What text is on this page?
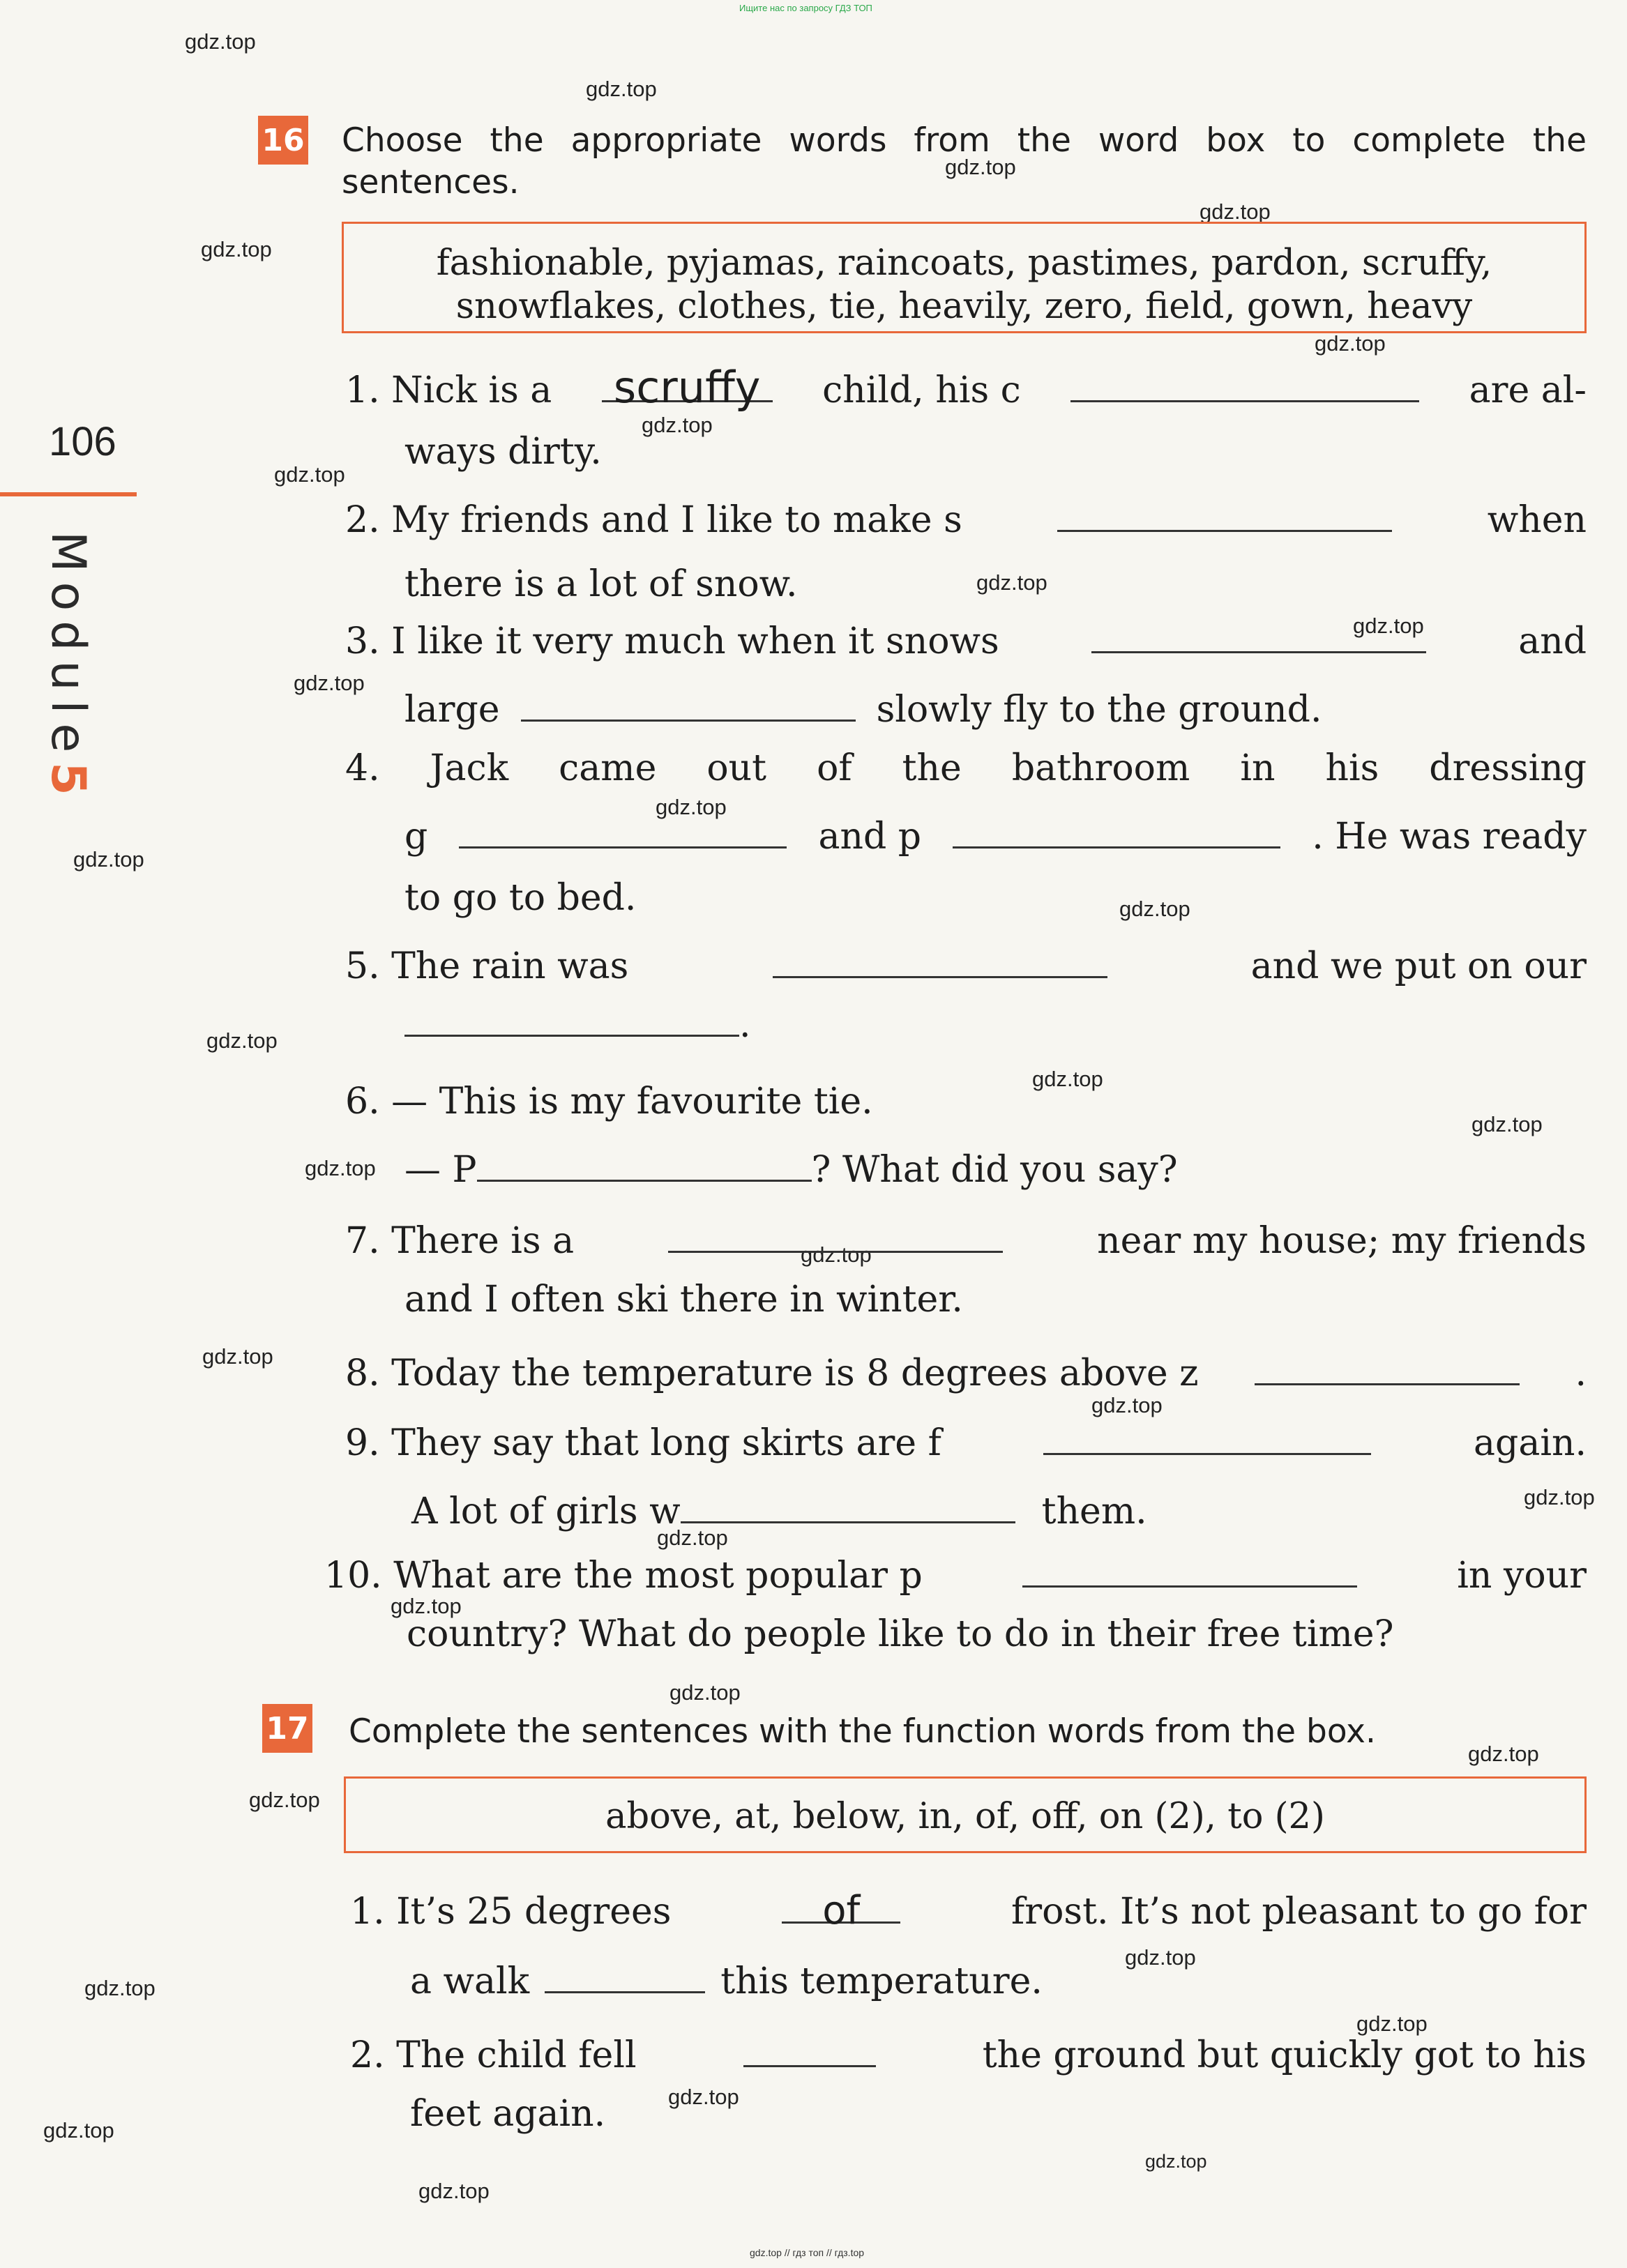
Ищите нас по запросу ГДЗ ТОП
gdz.top
gdz.top
gdz.top
gdz.top
gdz.top
gdz.top
gdz.top
gdz.top
gdz.top
gdz.top
gdz.top
gdz.top
gdz.top
gdz.top
gdz.top
gdz.top
gdz.top
gdz.top
gdz.top
gdz.top
gdz.top
gdz.top
gdz.top
gdz.top
gdz.top
gdz.top
gdz.top
gdz.top
gdz.top
gdz.top
gdz.top
gdz.top
gdz.top
gdz.top
106
Module5
16 Choose the appropriate words from the word box to complete the
sentences.
fashionable, pyjamas, raincoats, pastimes, pardon, scruffy,
snowflakes, clothes, tie, heavily, zero, field, gown, heavy
1. Nick is a scruffy	child, his c	are al-
ways dirty.
2. My friends and I like to make s	when
there is a lot of snow.
3. I like it very much when it snows	and
large	slowly fly to the ground.
4. Jack came out of the bathroom in his dressing
g	and p	. He was ready
to go to bed.
5. The rain was	and we put on our
.
6. — This is my favourite tie.
— P	? What did you say?
7. There is a	near my house; my friends
and I often ski there in winter.
8. Today the temperature is 8 degrees above z	.
9. They say that long skirts are f	again.
A lot of girls w	them.
10. What are the most popular p	in your
country? What do people like to do in their free time?
17 Complete the sentences with the function words from the box.
above, at, below, in, of, off, on (2), to (2)
1. It’s 25 degrees	of	frost. It’s not pleasant to go for
a walk	this temperature.
2. The child fell	the ground but quickly got to his
feet again.
gdz.top // гдз топ // гдз.top
